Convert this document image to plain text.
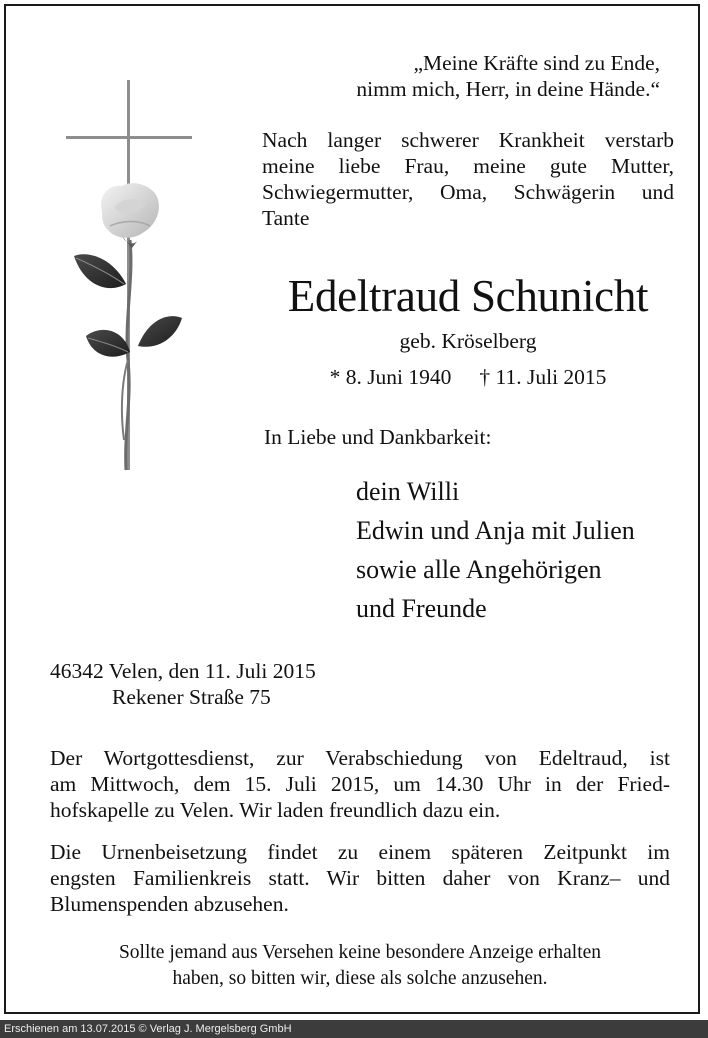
„Meine Kräfte sind zu Ende,
nimm mich, Herr, in deine Hände.“
Nach langer schwerer Krankheit verstarb
meine liebe Frau, meine gute Mutter,
Schwiegermutter, Oma, Schwägerin und
Tante
Edeltraud Schunicht
geb. Kröselberg
* 8. Juni 1940 † 11. Juli 2015
In Liebe und Dankbarkeit:
dein Willi
Edwin und Anja mit Julien
sowie alle Angehörigen
und Freunde
46342 Velen, den 11. Juli 2015
Rekener Straße 75
Der Wortgottesdienst, zur Verabschiedung von Edeltraud, ist
am Mittwoch, dem 15. Juli 2015, um 14.30 Uhr in der Fried-
hofskapelle zu Velen. Wir laden freundlich dazu ein.
Die Urnenbeisetzung findet zu einem späteren Zeitpunkt im
engsten Familienkreis statt. Wir bitten daher von Kranz– und
Blumenspenden abzusehen.
Sollte jemand aus Versehen keine besondere Anzeige erhalten
haben, so bitten wir, diese als solche anzusehen.
Erschienen am 13.07.2015 © Verlag J. Mergelsberg GmbH
